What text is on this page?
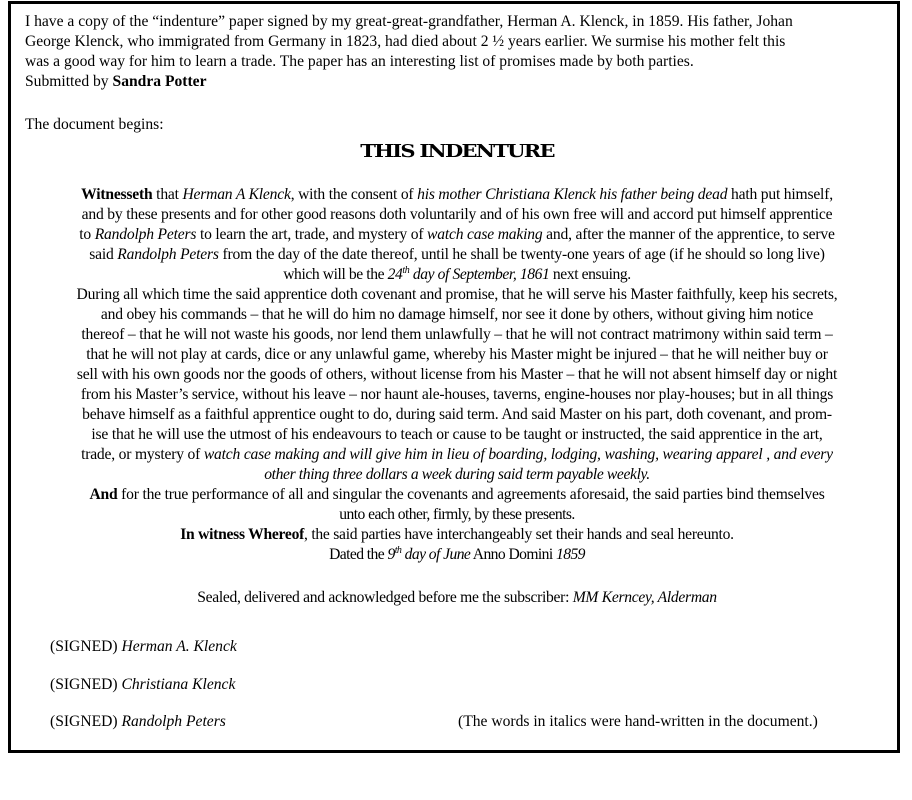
I have a copy of the “indenture” paper signed by my great-great-grandfather, Herman A. Klenck, in 1859. His father, Johan
George Klenck, who immigrated from Germany in 1823, had died about 2 ½ years earlier. We surmise his mother felt this
was a good way for him to learn a trade. The paper has an interesting list of promises made by both parties.
Submitted by Sandra Potter
The document begins:
THIS INDENTURE
Witnesseth that Herman A Klenck, with the consent of his mother Christiana Klenck his father being dead hath put himself,
and by these presents and for other good reasons doth voluntarily and of his own free will and accord put himself apprentice
to Randolph Peters to learn the art, trade, and mystery of watch case making and, after the manner of the apprentice, to serve
said Randolph Peters from the day of the date thereof, until he shall be twenty-one years of age (if he should so long live)
which will be the 24th day of September, 1861 next ensuing.
During all which time the said apprentice doth covenant and promise, that he will serve his Master faithfully, keep his secrets,
and obey his commands – that he will do him no damage himself, nor see it done by others, without giving him notice
thereof – that he will not waste his goods, nor lend them unlawfully – that he will not contract matrimony within said term –
that he will not play at cards, dice or any unlawful game, whereby his Master might be injured – that he will neither buy or
sell with his own goods nor the goods of others, without license from his Master – that he will not absent himself day or night
from his Master’s service, without his leave – nor haunt ale-houses, taverns, engine-houses nor play-houses; but in all things
behave himself as a faithful apprentice ought to do, during said term. And said Master on his part, doth covenant, and prom-
ise that he will use the utmost of his endeavours to teach or cause to be taught or instructed, the said apprentice in the art,
trade, or mystery of watch case making and will give him in lieu of boarding, lodging, washing, wearing apparel , and every
other thing three dollars a week during said term payable weekly.
And for the true performance of all and singular the covenants and agreements aforesaid, the said parties bind themselves
unto each other, firmly, by these presents.
In witness Whereof, the said parties have interchangeably set their hands and seal hereunto.
Dated the 9th day of June Anno Domini 1859
Sealed, delivered and acknowledged before me the subscriber: MM Kerncey, Alderman
(SIGNED) Herman A. Klenck
(SIGNED) Christiana Klenck
(SIGNED) Randolph Peters	(The words in italics were hand-written in the document.)
